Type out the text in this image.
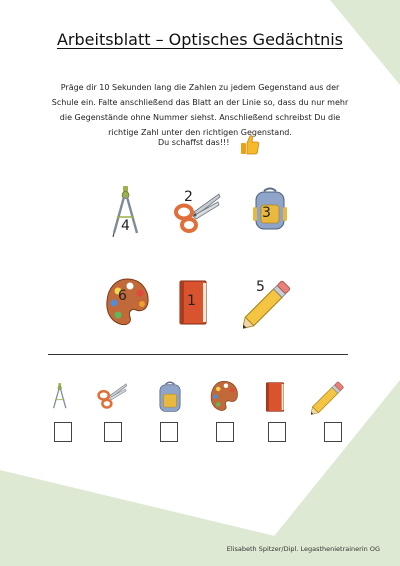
Arbeitsblatt – Optisches Gedächtnis
Präge dir 10 Sekunden lang die Zahlen zu jedem Gegenstand aus der Schule ein. Falte anschließend das Blatt an der Linie so, dass du nur mehr die Gegenstände ohne Nummer siehst. Anschließend schreibst Du die richtige Zahl unter den richtigen Gegenstand.
Du schaffst das!!!
4
2
3
6	1
5
Elisabeth Spitzer/Dipl. Legasthenietrainerin OG
